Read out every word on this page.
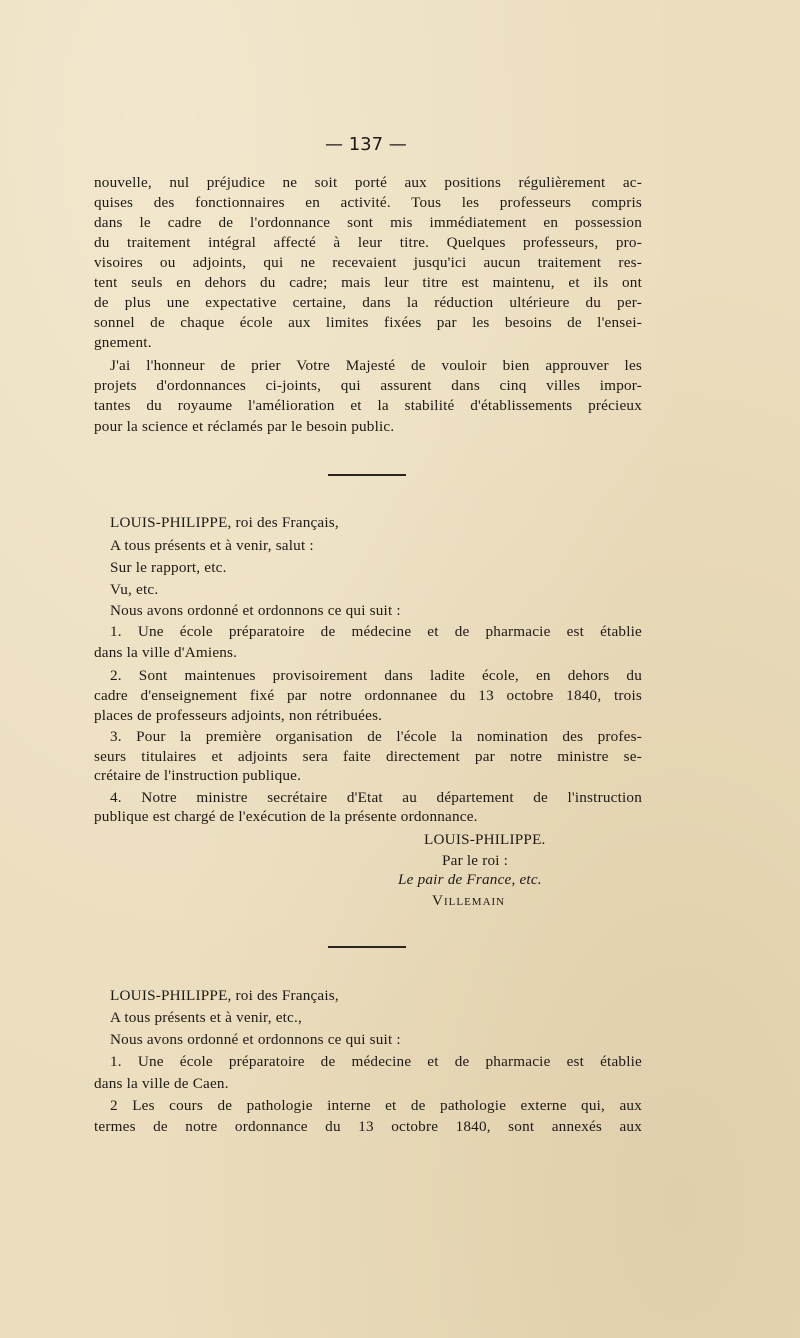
— 137 —
nouvelle, nul préjudice ne soit porté aux positions régulièrement ac-
quises des fonctionnaires en activité. Tous les professeurs compris
dans le cadre de l'ordonnance sont mis immédiatement en possession
du traitement intégral affecté à leur titre. Quelques professeurs, pro-
visoires ou adjoints, qui ne recevaient jusqu'ici aucun traitement res-
tent seuls en dehors du cadre; mais leur titre est maintenu, et ils ont
de plus une expectative certaine, dans la réduction ultérieure du per-
sonnel de chaque école aux limites fixées par les besoins de l'ensei-
gnement.
J'ai l'honneur de prier Votre Majesté de vouloir bien approuver les
projets d'ordonnances ci-joints, qui assurent dans cinq villes impor-
tantes du royaume l'amélioration et la stabilité d'établissements précieux
pour la science et réclamés par le besoin public.
LOUIS-PHILIPPE, roi des Français,
A tous présents et à venir, salut :
Sur le rapport, etc.
Vu, etc.
Nous avons ordonné et ordonnons ce qui suit :
1. Une école préparatoire de médecine et de pharmacie est établie
dans la ville d'Amiens.
2. Sont maintenues provisoirement dans ladite école, en dehors du
cadre d'enseignement fixé par notre ordonnanee du 13 octobre 1840, trois
places de professeurs adjoints, non rétribuées.
3. Pour la première organisation de l'école la nomination des profes-
seurs titulaires et adjoints sera faite directement par notre ministre se-
crétaire de l'instruction publique.
4. Notre ministre secrétaire d'Etat au département de l'instruction
publique est chargé de l'exécution de la présente ordonnance.
LOUIS-PHILIPPE.
Par le roi :
Le pair de France, etc.
Villemain
LOUIS-PHILIPPE, roi des Français,
A tous présents et à venir, etc.,
Nous avons ordonné et ordonnons ce qui suit :
1. Une école préparatoire de médecine et de pharmacie est établie
dans la ville de Caen.
2 Les cours de pathologie interne et de pathologie externe qui, aux
termes de notre ordonnance du 13 octobre 1840, sont annexés aux
